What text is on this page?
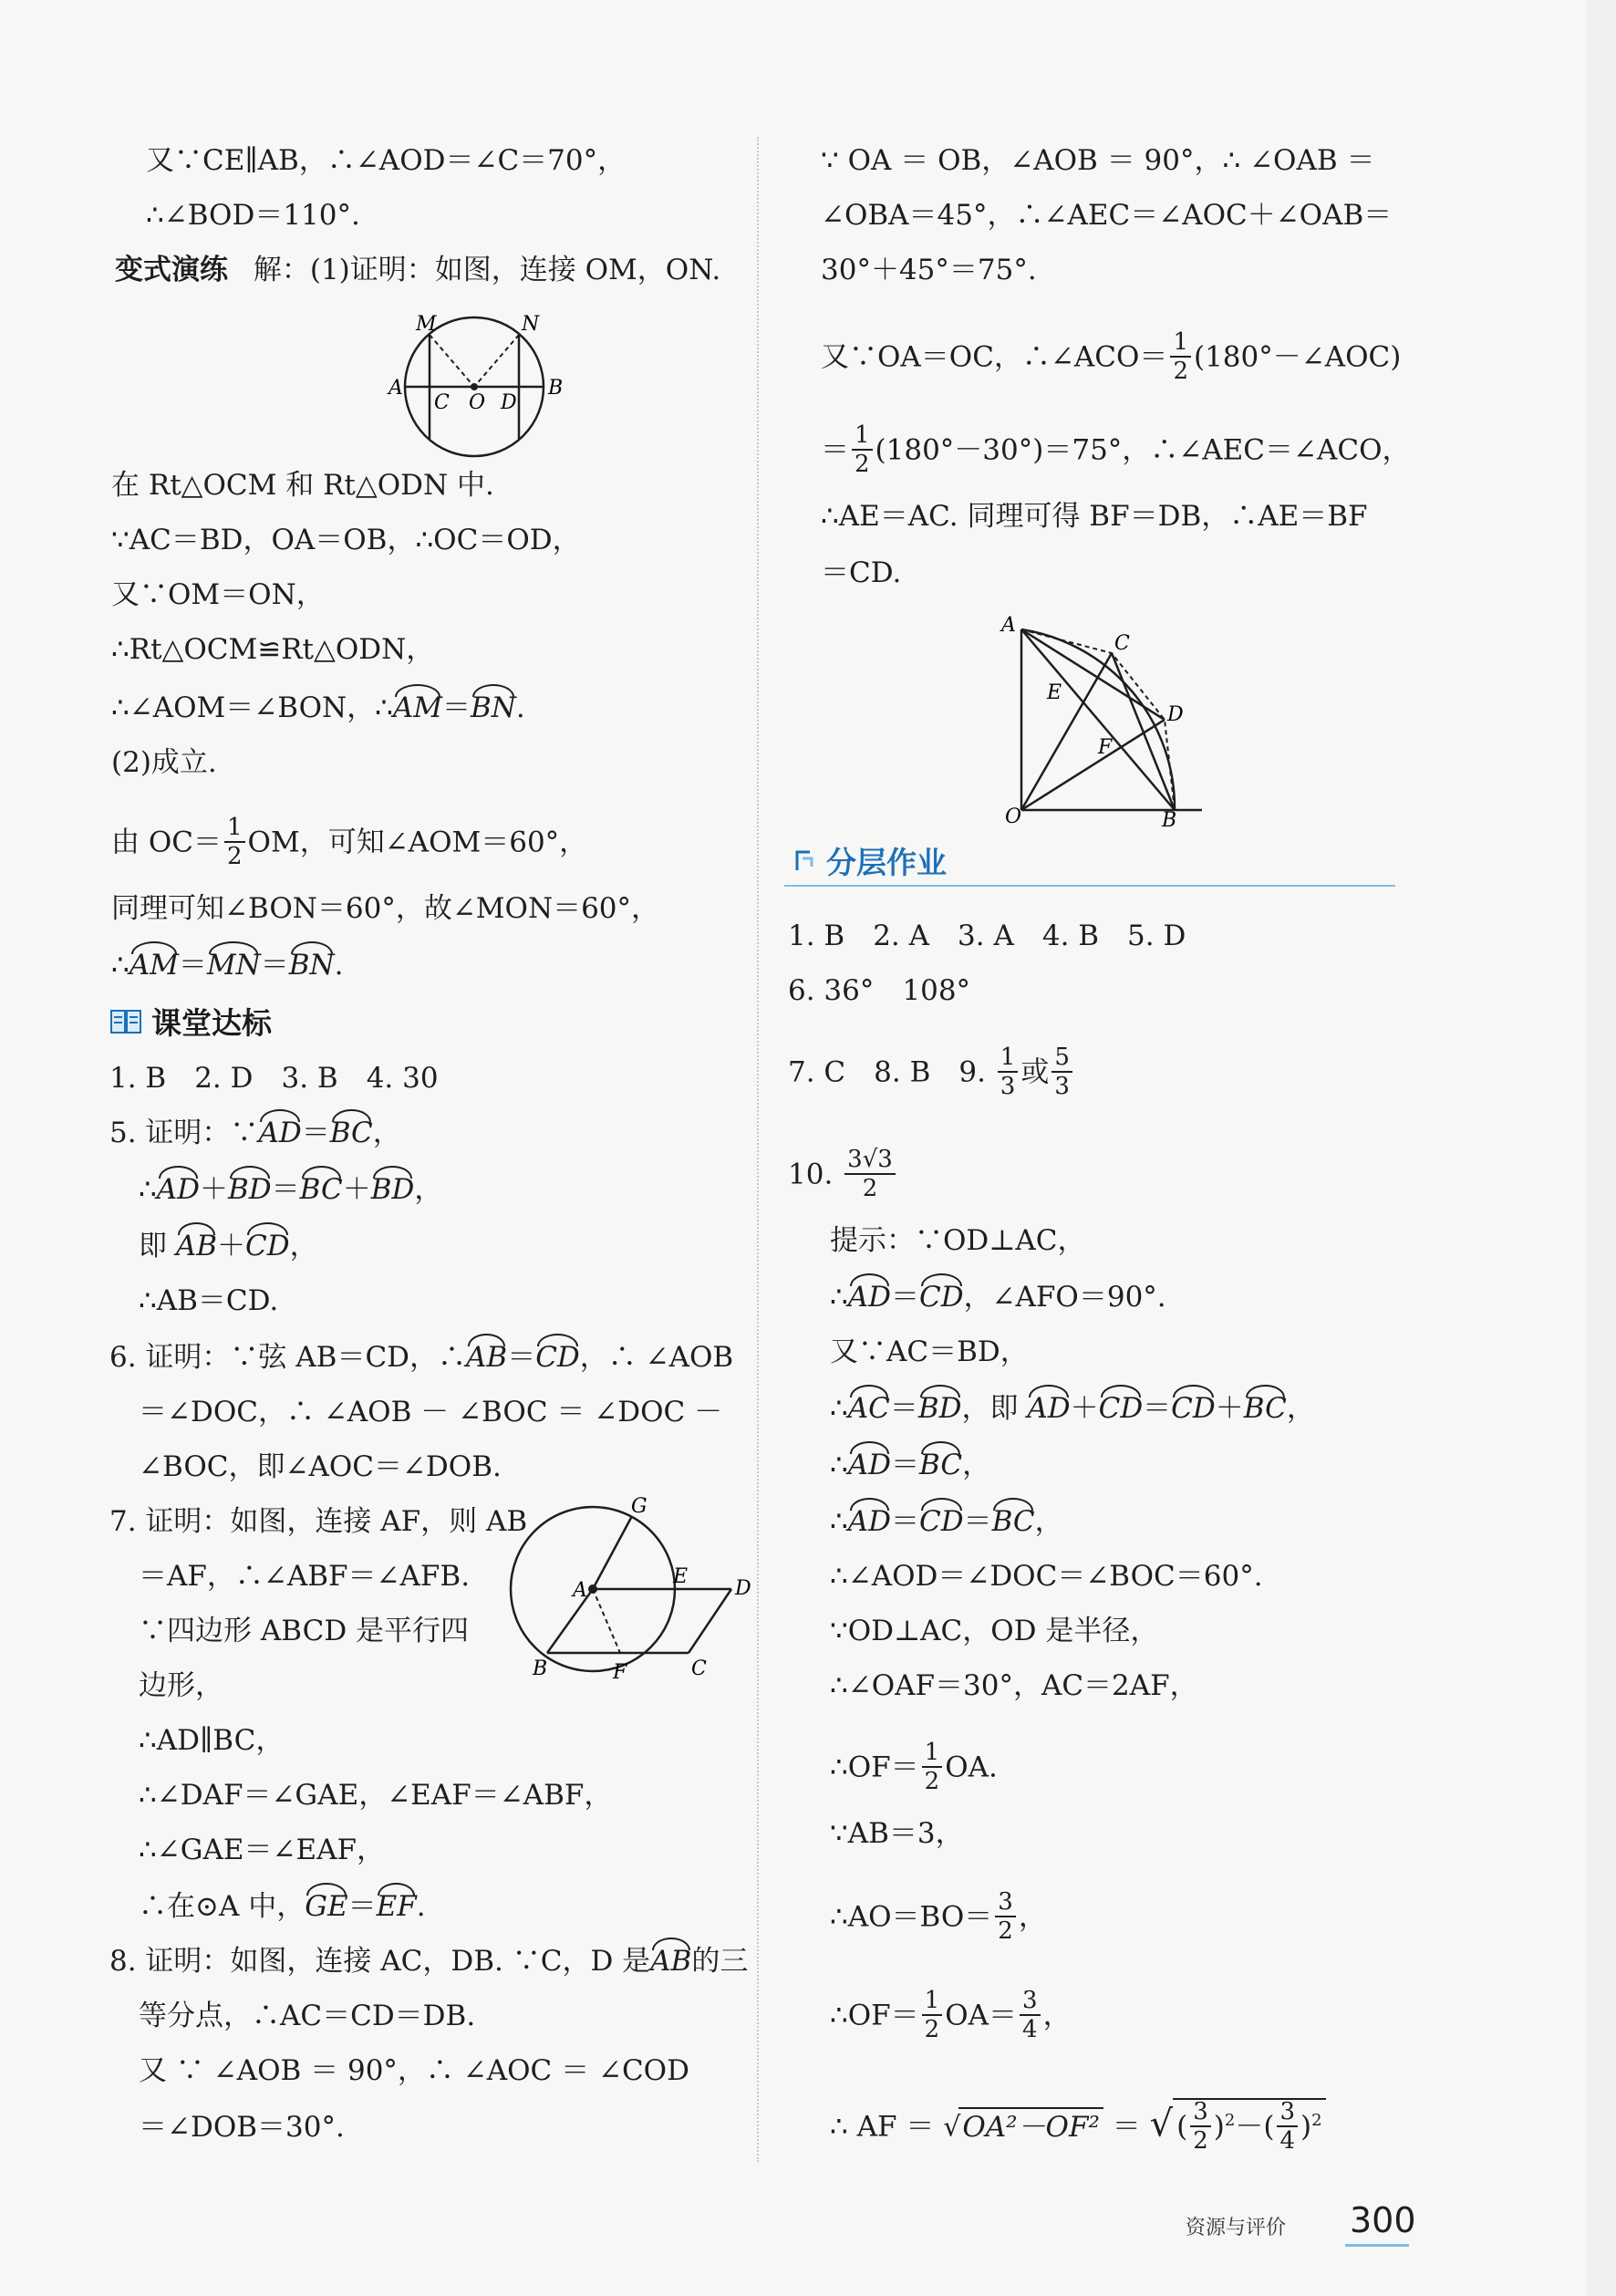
又∵CE∥AB，∴∠AOD＝∠C＝70°，
∴∠BOD＝110°.
变式演练 解：(1)证明：如图，连接 OM，ON.
M	N
A
C O D
B
在 Rt△OCM 和 Rt△ODN 中.
∵AC＝BD，OA＝OB，∴OC＝OD，
又∵OM＝ON，
∴Rt△OCM≌Rt△ODN，
∴∠AOM＝∠BON，∴AM＝BN.
(2)成立.
由 $OC= \frac{1}{2}$ OM，可知∠AOM＝60°，
同理可知∠BON＝60°，故∠MON＝60°，
∴AM＝MN＝BN.
课堂达标
1. B　2. D　3. B　4. 30
5. 证明：∵AD＝BC，
∴AD＋BD＝BC＋BD，
即 AB＋CD，
∴AB＝CD.
6. 证明：∵弦 AB＝CD，∴AB＝CD，∴ ∠AOB
＝∠DOC，∴ ∠AOB － ∠BOC ＝ ∠DOC －
∠BOC，即∠AOC＝∠DOB.
7. 证明：如图，连接 AF，则 AB
＝AF，∴∠ABF＝∠AFB.
∵四边形 ABCD 是平行四
边形，
G
E
D
A
B	F	C
∴AD∥BC，
∴∠DAF＝∠GAE，∠EAF＝∠ABF，
∴∠GAE＝∠EAF，
∴在⊙A 中，GE＝EF.
8. 证明：如图，连接 AC，DB. ∵C，D 是AB的三
等分点，∴AC＝CD＝DB.
又 ∵ ∠AOB ＝ 90°，∴ ∠AOC ＝ ∠COD
＝∠DOB＝30°.
∵ OA ＝ OB，∠AOB ＝ 90°，∴ ∠OAB ＝
∠OBA＝45°，∴∠AEC＝∠AOC＋∠OAB＝
30°＋45°＝75°.
又∵OA＝OC，∴∠ACO＝ $\frac{1}{2}$ (180°－∠AOC)
＝ $\frac{1}{2} (180^\circ-30^\circ)=75^\circ$，∴∠AEC＝∠ACO，
∴AE＝AC. 同理可得 BF＝DB，∴AE＝BF
＝CD.
A
C
E
D
F
O	B
分层作业
1. B　2. A　3. A　4. B　5. D
6. 36°　108°
7. C　8. B　9. $\frac{1}{3}$ 或 $\frac{5}{3}$
10. $\frac{3√3}{2}$
提示：∵OD⊥AC，
∴AD＝CD，∠AFO＝90°.
又∵AC＝BD，
∴AC＝BD，即 AD＋CD＝CD＋BC，
∴AD＝BC，
∴AD＝CD＝BC，
∴∠AOD＝∠DOC＝∠BOC＝60°.
∵OD⊥AC，OD 是半径，
∴∠OAF＝30°，AC＝2AF，
∴OF＝ $\frac{1}{2}$ OA.
∵AB＝3，
∴AO＝BO＝ $\frac{3}{2}$ ，
∴OF＝ $\frac{1}{2} OA= \frac{3}{4}$ ，
∴ AF ＝ √OA²－OF² ＝ √ ( $\frac{3}{2} )^2-( \frac{3}{4} )^2$
资源与评价 300
